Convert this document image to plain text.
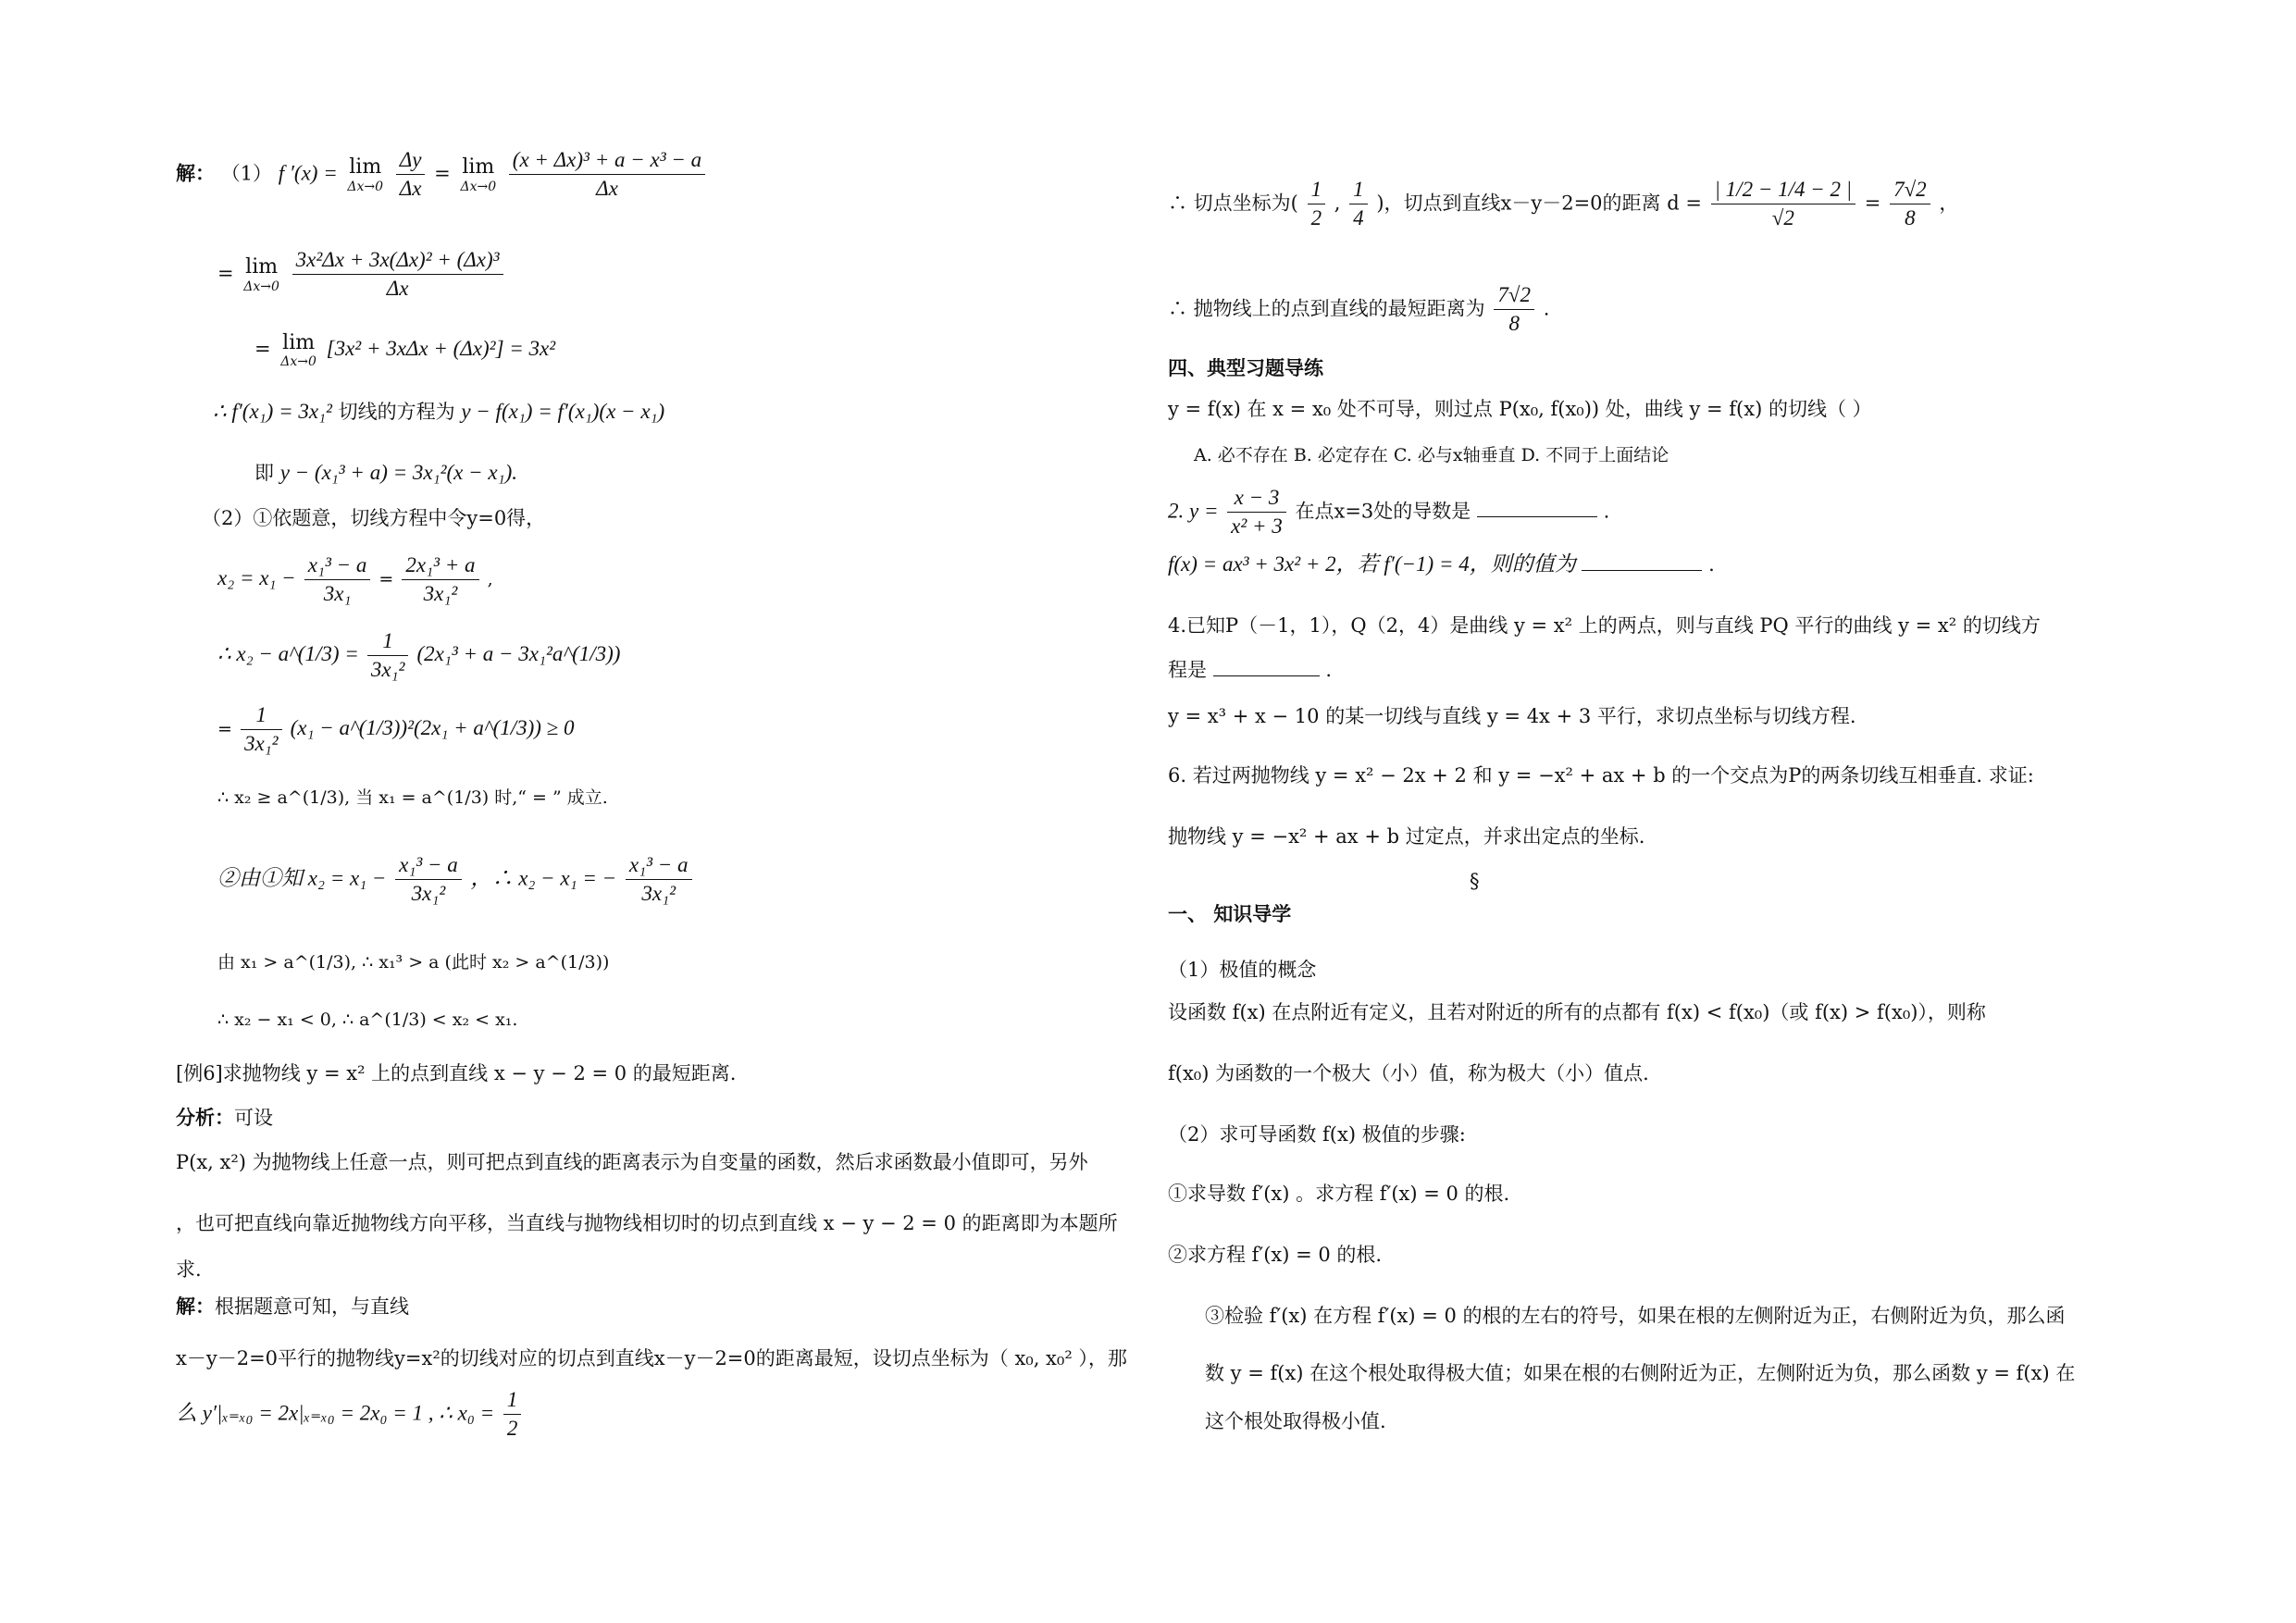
解： （1） f ′(x) = lim
Δx→0
$\frac{\Delta y}{\Delta x} = \lim$
Δx→0
$\frac{\text{(x + Δx)³ + a − x³ − a}}{\Delta x}$
= lim
Δx→0
$\frac{\text{3x²Δx + 3x(Δx)² + (Δx)³}}{\Delta x}$
= lim
Δx→0
[3x² + 3xΔx + (Δx)²] = 3x²
∴ f′(x₁) = 3x₁² 切线的方程为 y − f(x₁) = f′(x₁)(x − x₁)
即 y − (x₁³ + a) = 3x₁²(x − x₁).
（2）①依题意，切线方程中令y=0得，
$x_2 = x_1 - \frac{\text{x₁³ − a}}{\text{3x₁}} = \frac{\text{2x₁³ + a}}{\text{3x₁²}}$ ,
∴ x₂ − a^(1/3) = $\frac{1}{\text{3x₁²}} (2x_1^3 + a$ − 3x₁²a^(1/3))
= $\frac{1}{\text{3x₁²}} (x_1$ − a^(1/3))²(2x₁ + a^(1/3)) ≥ 0
∴ x₂ ≥ a^(1/3), 当 x₁ = a^(1/3) 时,“ = ” 成立.
②由①知 $x_2 = x_1 - \frac{\text{x₁³ − a}}{\text{3x₁²}}$ ，∴ x₂ − x₁ = − $\frac{\text{x₁³ − a}}{\text{3x₁²}}$
由 x₁ > a^(1/3), ∴ x₁³ > a (此时 x₂ > a^(1/3))
∴ x₂ − x₁ < 0, ∴ a^(1/3) < x₂ < x₁.
[例6]求抛物线 y = x² 上的点到直线 x − y − 2 = 0 的最短距离.
分析：可设
P(x, x²) 为抛物线上任意一点，则可把点到直线的距离表示为自变量的函数，然后求函数最小值即可，另外
，也可把直线向靠近抛物线方向平移，当直线与抛物线相切时的切点到直线 x − y − 2 = 0 的距离即为本题所
求.
解：根据题意可知，与直线
x－y－2=0平行的抛物线y=x²的切线对应的切点到直线x－y－2=0的距离最短，设切点坐标为（ x₀, x₀² ），那
么 y′|ₓ₌ₓ₀ = 2x|ₓ₌ₓ₀ = 2x₀ = 1 , ∴ $x_0 = \frac{1}{2}$
∴ 切点坐标为( $\frac{1}{2}$ , $\frac{1}{4}$ )，切点到直线x－y－2=0的距离 $d = \frac{| 1/2 - 1/4 - 2 |}{√2} = \frac{7√2}{8}$ ，
∴ 抛物线上的点到直线的最短距离为 $\frac{7√2}{8}$ .
四、典型习题导练
y = f(x) 在 x = x₀ 处不可导，则过点 P(x₀, f(x₀)) 处，曲线 y = f(x) 的切线（ ）
A. 必不存在 B. 必定存在 C. 必与x轴垂直 D. 不同于上面结论
2. $y = \frac{x - 3}{\text{x² + 3}}$ 在点x=3处的导数是	.
f(x) = ax³ + 3x² + 2，若 f′(−1) = 4，则的值为	.
4.已知P（－1，1），Q（2，4）是曲线 y = x² 上的两点，则与直线 PQ 平行的曲线 y = x² 的切线方
程是	.
y = x³ + x − 10 的某一切线与直线 y = 4x + 3 平行，求切点坐标与切线方程.
6. 若过两抛物线 y = x² − 2x + 2 和 y = −x² + ax + b 的一个交点为P的两条切线互相垂直. 求证:
抛物线 y = −x² + ax + b 过定点，并求出定点的坐标.
§
一、 知识导学
（1）极值的概念
设函数 f(x) 在点附近有定义，且若对附近的所有的点都有 f(x) < f(x₀)（或 f(x) > f(x₀)），则称
f(x₀) 为函数的一个极大（小）值，称为极大（小）值点.
（2）求可导函数 f(x) 极值的步骤:
①求导数 f′(x) 。求方程 f′(x) = 0 的根.
②求方程 f′(x) = 0 的根.
③检验 f′(x) 在方程 f′(x) = 0 的根的左右的符号，如果在根的左侧附近为正，右侧附近为负，那么函
数 y = f(x) 在这个根处取得极大值；如果在根的右侧附近为正，左侧附近为负，那么函数 y = f(x) 在
这个根处取得极小值.
